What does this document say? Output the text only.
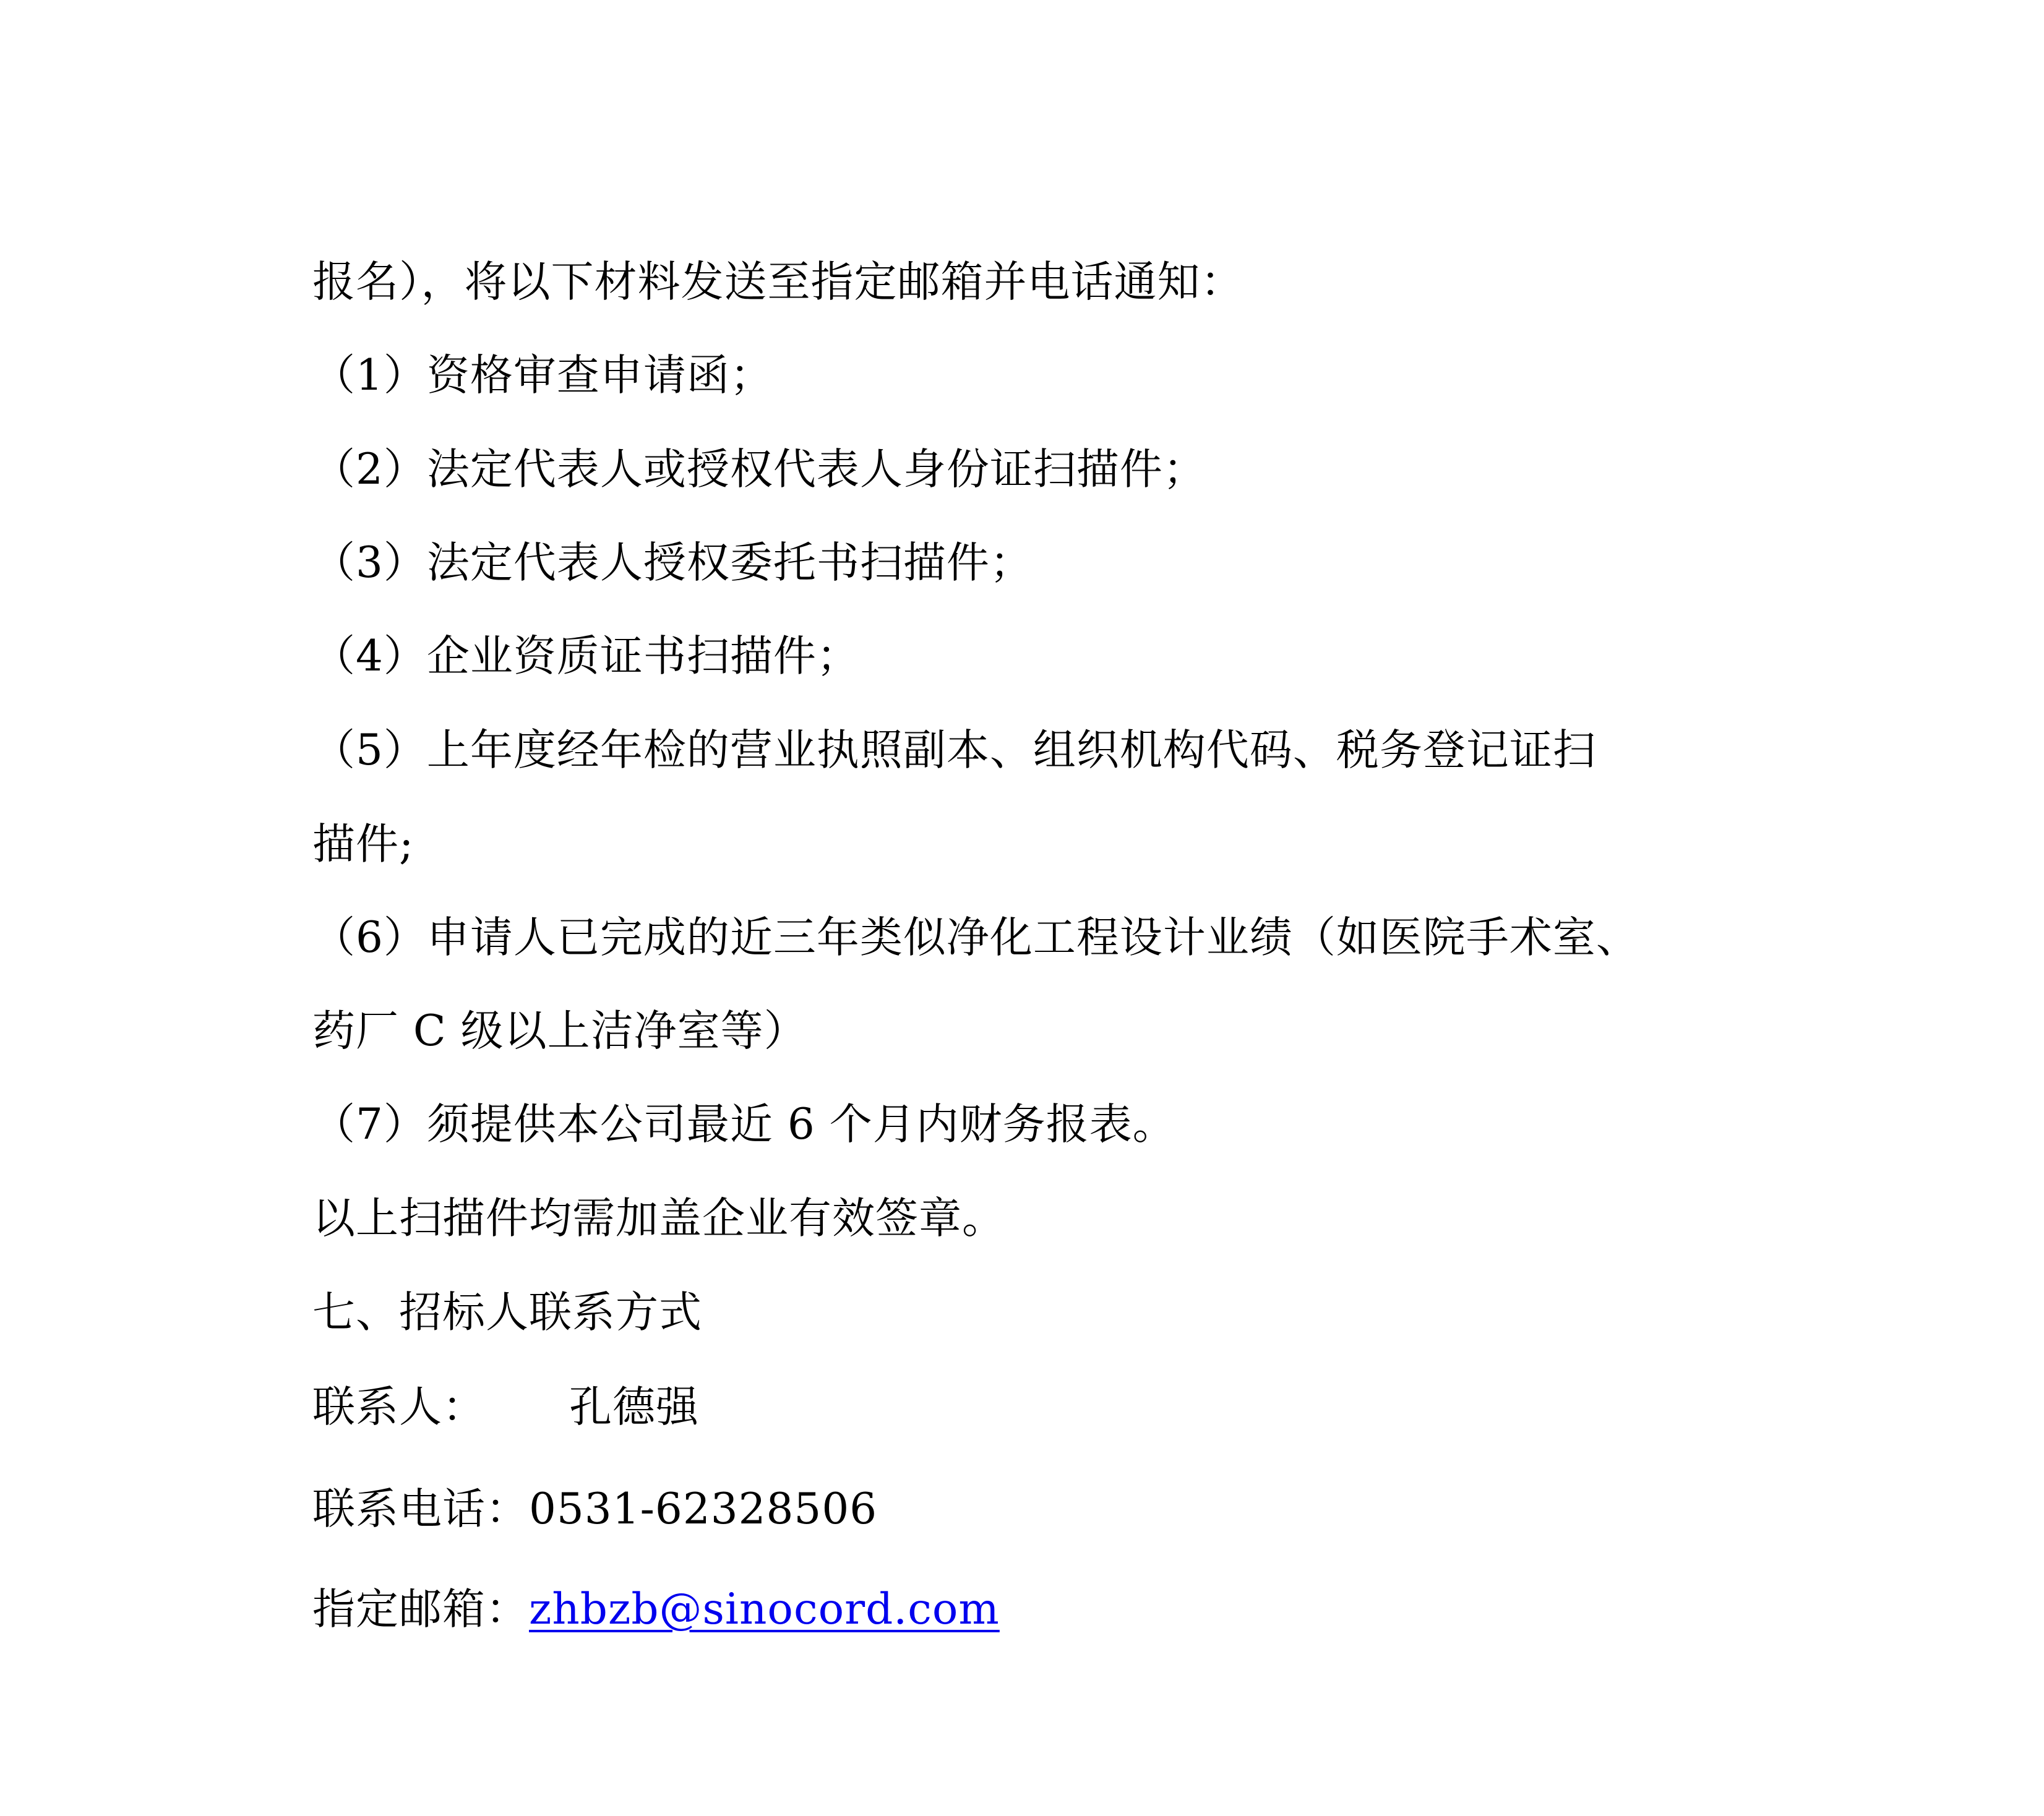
报名），将以下材料发送至指定邮箱并电话通知：
（1）资格审查申请函；
（2）法定代表人或授权代表人身份证扫描件；
（3）法定代表人授权委托书扫描件；
（4）企业资质证书扫描件；
（5）上年度经年检的营业执照副本、组织机构代码、税务登记证扫
描件;
（6）申请人已完成的近三年类似净化工程设计业绩（如医院手术室、
药厂 C 级以上洁净室等）
（7）须提供本公司最近 6 个月内财务报表。
以上扫描件均需加盖企业有效签章。
七、招标人联系方式
联系人： 孔德强
联系电话：0531-62328506
指定邮箱：zhbzb@sinocord.com
